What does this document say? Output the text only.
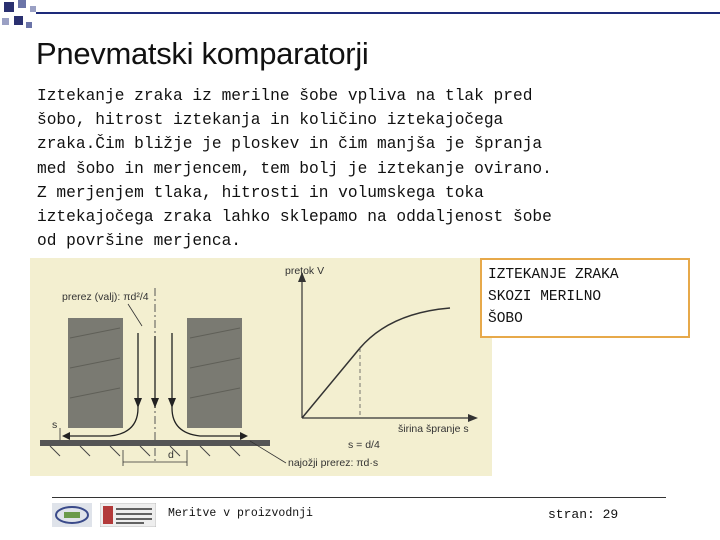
Pnevmatski komparatorji
Iztekanje zraka iz merilne šobe vpliva na tlak pred
šobo, hitrost iztekanja in količino iztekajočega
zraka.Čim bližje je ploskev in čim manjša je špranja
med šobo in merjencem, tem bolj je iztekanje ovirano.
Z merjenjem tlaka, hitrosti in volumskega toka
iztekajočega zraka lahko sklepamo na oddaljenost šobe
od površine merjenca.
prerez (valj): πd²/4
s
d
pretok V
širina špranje s
s = d/4
najožji prerez: πd·s
IZTEKANJE ZRAKA
SKOZI MERILNO
ŠOBO
Meritve v proizvodnji	stran: 29
